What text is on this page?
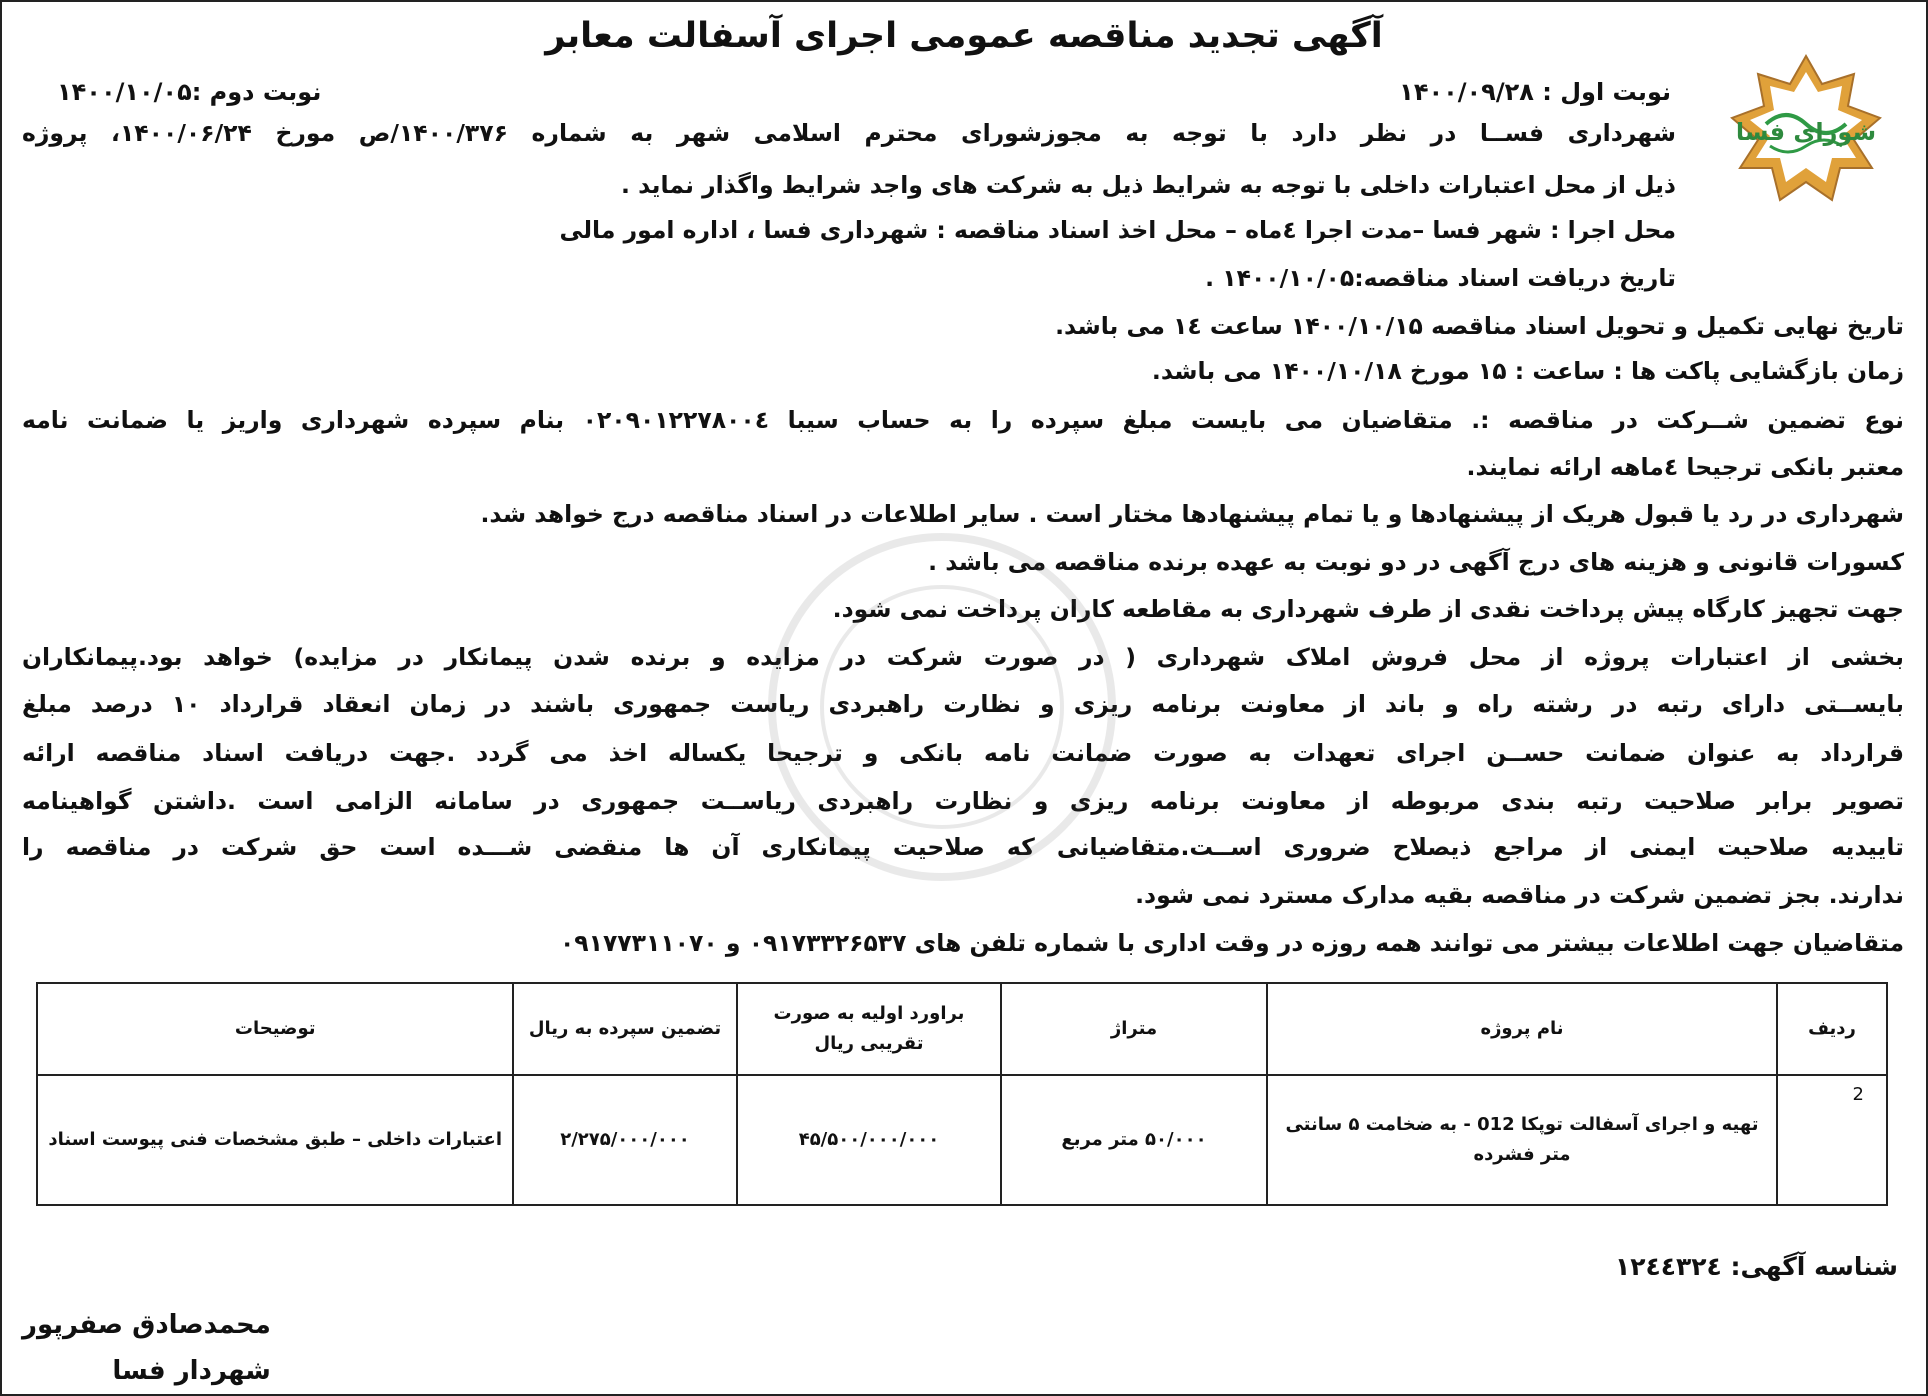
شورای فسا
آگهی تجدید مناقصه عمومی اجرای آسفالت معابر

نوبت اول : ۱۴۰۰/۰۹/۲۸

نوبت دوم :۱۴۰۰/۱۰/۰۵

شهرداری فســا در نظر دارد با توجه به مجوزشورای محترم اسلامی شهر به شماره ۱۴۰۰/۳۷۶/ص مورخ ۱۴۰۰/۰۶/۲۴، پروژه

ذیل از محل اعتبارات داخلی با توجه به شرایط ذیل به شرکت های واجد شرایط واگذار نماید .

محل اجرا : شهر فسا –مدت اجرا ٤ماه – محل اخذ اسناد مناقصه : شهرداری فسا ، اداره امور مالی

تاریخ دریافت اسناد مناقصه:۱۴۰۰/۱۰/۰۵ .

تاریخ نهایی تکمیل و تحویل اسناد مناقصه ۱۴۰۰/۱۰/۱۵ ساعت ۱٤ می باشد.

زمان بازگشایی پاکت ها : ساعت : ۱۵ مورخ ۱۴۰۰/۱۰/۱۸ می باشد.

نوع تضمین شــرکت در مناقصه :. متقاضیان می بایست مبلغ سپرده را به حساب سیبا ۰۲۰۹۰۱۲۲۷۸۰۰٤ بنام سپرده شهرداری واریز یا ضمانت نامه

معتبر بانکی ترجیحا ٤ماهه ارائه نمایند.

شهرداری در رد یا قبول هریک از پیشنهادها و یا تمام پیشنهادها مختار است . سایر اطلاعات در اسناد مناقصه درج خواهد شد.

کسورات قانونی و هزینه های درج آگهی در دو نوبت به عهده برنده مناقصه می باشد .

جهت تجهیز کارگاه پیش پرداخت نقدی از طرف شهرداری به مقاطعه کاران پرداخت نمی شود.

بخشی از اعتبارات پروژه از محل فروش املاک شهرداری ( در صورت شرکت در مزایده و برنده شدن پیمانکار در مزایده) خواهد بود.پیمانکاران

بایســتی دارای رتبه در رشته راه و باند از معاونت برنامه ریزی و نظارت راهبردی ریاست جمهوری باشند در زمان انعقاد قرارداد ۱۰ درصد مبلغ

قرارداد به عنوان ضمانت حســن اجرای تعهدات به صورت ضمانت نامه بانکی و ترجیحا یکساله اخذ می گردد .جهت دریافت اسناد مناقصه ارائه

تصویر برابر صلاحیت رتبه بندی مربوطه از معاونت برنامه ریزی و نظارت راهبردی ریاســت جمهوری در سامانه الزامی است .داشتن گواهینامه

تاییدیه صلاحیت ایمنی از مراجع ذیصلاح ضروری اســت.متقاضیانی که صلاحیت پیمانکاری آن ها منقضی شـــده است حق شرکت در مناقصه را

ندارند. بجز تضمین شرکت در مناقصه بقیه مدارک مسترد نمی شود.

متقاضیان جهت اطلاعات بیشتر می توانند همه روزه در وقت اداری با شماره تلفن های ۰۹۱۷۳۳۲۶۵۳۷ و ۰۹۱۷۷۳۱۱۰۷۰

ردیف	نام پروژه	متراژ	براورد اولیه به صورت تقریبی ریال	تضمین سپرده به ریال	توضیحات
2	تهیه و اجرای آسفالت توپکا 012 - به ضخامت ۵ سانتی متر فشرده	۵۰/۰۰۰ متر مربع	۴۵/۵۰۰/۰۰۰/۰۰۰	۲/۲۷۵/۰۰۰/۰۰۰	اعتبارات داخلی – طبق مشخصات فنی پیوست اسناد

شناسه آگهی: ۱۲٤٤۳۲٤

محمدصادق صفرپور
شهردار فسا
